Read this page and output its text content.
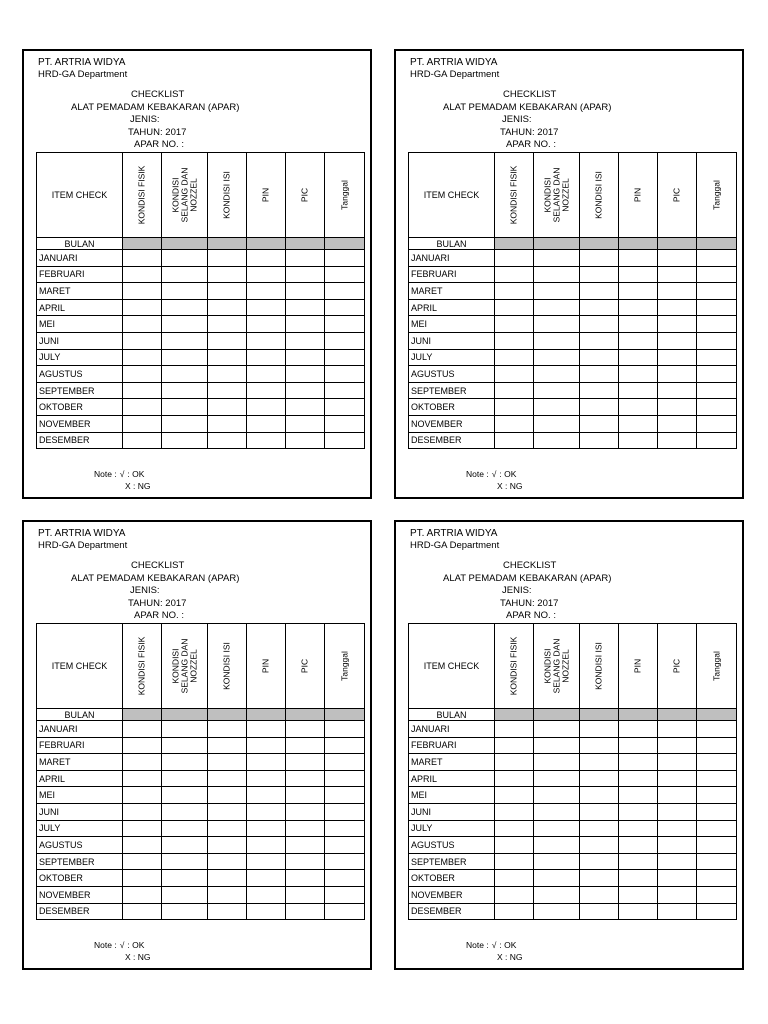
PT. ARTRIA WIDYA
HRD-GA Department
CHECKLIST
ALAT PEMADAM KEBAKARAN (APAR)
JENIS:
TAHUN: 2017
APAR NO. :
ITEM CHECK	KONDISI FISIK	KONDISI SELANG DAN NOZZEL	KONDISI ISI	PIN	PIC	Tanggal

BULAN						
JANUARI						
FEBRUARI						
MARET						
APRIL						
MEI						
JUNI						
JULY						
AGUSTUS						
SEPTEMBER						
OKTOBER						
NOVEMBER						
DESEMBER						
Note : √ : OK
X : NG
PT. ARTRIA WIDYA
HRD-GA Department
CHECKLIST
ALAT PEMADAM KEBAKARAN (APAR)
JENIS:
TAHUN: 2017
APAR NO. :
ITEM CHECK	KONDISI FISIK	KONDISI SELANG DAN NOZZEL	KONDISI ISI	PIN	PIC	Tanggal

BULAN						
JANUARI						
FEBRUARI						
MARET						
APRIL						
MEI						
JUNI						
JULY						
AGUSTUS						
SEPTEMBER						
OKTOBER						
NOVEMBER						
DESEMBER						
Note : √ : OK
X : NG
PT. ARTRIA WIDYA
HRD-GA Department
CHECKLIST
ALAT PEMADAM KEBAKARAN (APAR)
JENIS:
TAHUN: 2017
APAR NO. :
ITEM CHECK	KONDISI FISIK	KONDISI SELANG DAN NOZZEL	KONDISI ISI	PIN	PIC	Tanggal

BULAN						
JANUARI						
FEBRUARI						
MARET						
APRIL						
MEI						
JUNI						
JULY						
AGUSTUS						
SEPTEMBER						
OKTOBER						
NOVEMBER						
DESEMBER						
Note : √ : OK
X : NG
PT. ARTRIA WIDYA
HRD-GA Department
CHECKLIST
ALAT PEMADAM KEBAKARAN (APAR)
JENIS:
TAHUN: 2017
APAR NO. :
ITEM CHECK	KONDISI FISIK	KONDISI SELANG DAN NOZZEL	KONDISI ISI	PIN	PIC	Tanggal

BULAN						
JANUARI						
FEBRUARI						
MARET						
APRIL						
MEI						
JUNI						
JULY						
AGUSTUS						
SEPTEMBER						
OKTOBER						
NOVEMBER						
DESEMBER						
Note : √ : OK
X : NG
